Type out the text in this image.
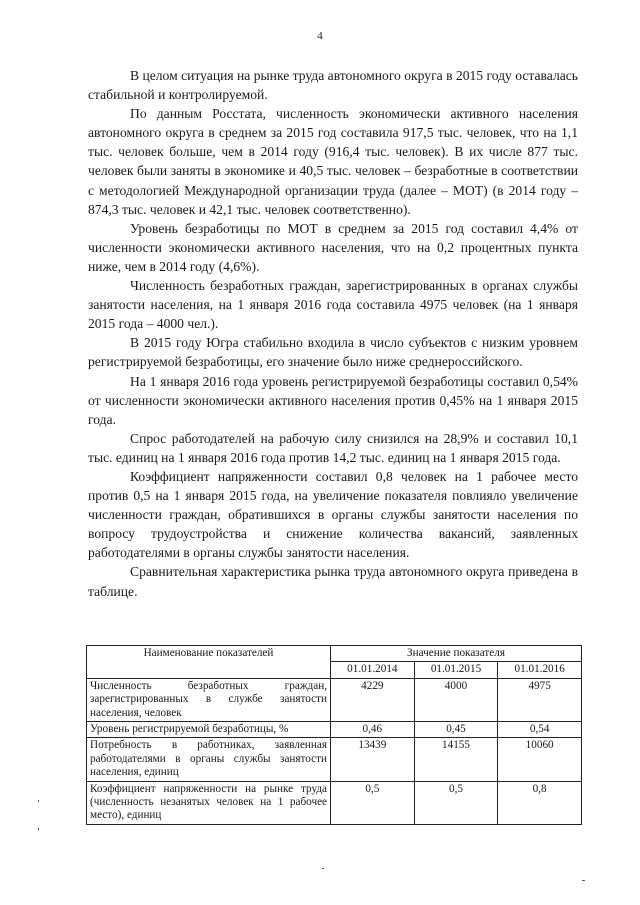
4

В целом ситуация на рынке труда автономного округа в 2015 году оставалась стабильной и контролируемой.

По данным Росстата, численность экономически активного населения автономного округа в среднем за 2015 год составила 917,5 тыс. человек, что на 1,1 тыс. человек больше, чем в 2014 году (916,4 тыс. человек). В их числе 877 тыс. человек были заняты в экономике и 40,5 тыс. человек – безработные в соответствии с методологией Международной организации труда (далее – МОТ) (в 2014 году – 874,3 тыс. человек и 42,1 тыс. человек соответственно).

Уровень безработицы по МОТ в среднем за 2015 год составил 4,4% от численности экономически активного населения, что на 0,2 процентных пункта ниже, чем в 2014 году (4,6%).

Численность безработных граждан, зарегистрированных в органах службы занятости населения, на 1 января 2016 года составила 4975 человек (на 1 января 2015 года – 4000 чел.).

В 2015 году Югра стабильно входила в число субъектов с низким уровнем регистрируемой безработицы, его значение было ниже среднероссийского.

На 1 января 2016 года уровень регистрируемой безработицы составил 0,54% от численности экономически активного населения против 0,45% на 1 января 2015 года.

Спрос работодателей на рабочую силу снизился на 28,9% и составил 10,1 тыс. единиц на 1 января 2016 года против 14,2 тыс. единиц на 1 января 2015 года.

Коэффициент напряженности составил 0,8 человек на 1 рабочее место против 0,5 на 1 января 2015 года, на увеличение показателя повлияло увеличение численности граждан, обратившихся в органы службы занятости населения по вопросу трудоустройства и снижение количества вакансий, заявленных работодателями в органы службы занятости населения.

Сравнительная характеристика рынка труда автономного округа приведена в таблице.

Наименование показателей	Значение показателя		
	01.01.2014	01.01.2015	01.01.2016
Численность безработных граждан, зарегистрированных в службе занятости населения, человек	4229	4000	4975
Уровень регистрируемой безработицы, %	0,46	0,45	0,54
Потребность в работниках, заявленная работодателями в органы службы занятости населения, единиц	13439	14155	10060
Коэффициент напряженности на рынке труда (численность незанятых человек на 1 рабочее место), единиц	0,5	0,5	0,8
